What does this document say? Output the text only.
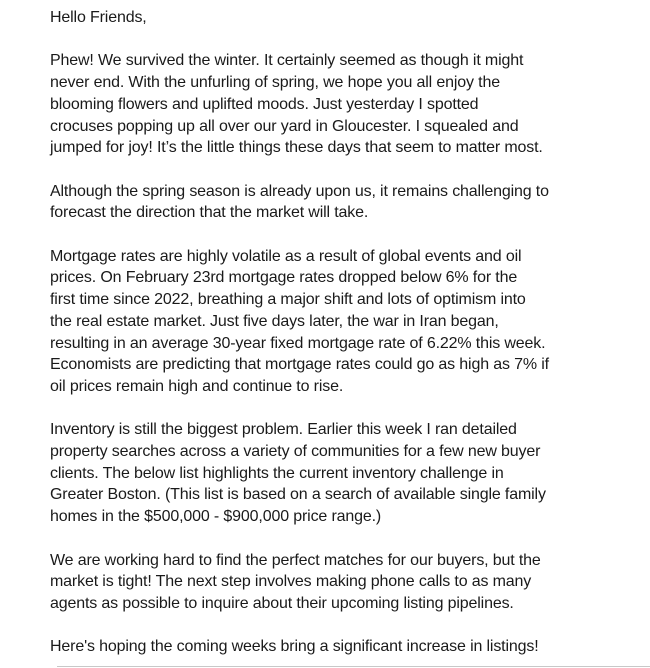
Hello Friends,
Phew! We survived the winter. It certainly seemed as though it might
never end. With the unfurling of spring, we hope you all enjoy the
blooming flowers and uplifted moods. Just yesterday I spotted
crocuses popping up all over our yard in Gloucester. I squealed and
jumped for joy! It’s the little things these days that seem to matter most.
Although the spring season is already upon us, it remains challenging to
forecast the direction that the market will take.
Mortgage rates are highly volatile as a result of global events and oil
prices. On February 23rd mortgage rates dropped below 6% for the
first time since 2022, breathing a major shift and lots of optimism into
the real estate market. Just five days later, the war in Iran began,
resulting in an average 30-year fixed mortgage rate of 6.22% this week.
Economists are predicting that mortgage rates could go as high as 7% if
oil prices remain high and continue to rise.
Inventory is still the biggest problem. Earlier this week I ran detailed
property searches across a variety of communities for a few new buyer
clients. The below list highlights the current inventory challenge in
Greater Boston. (This list is based on a search of available single family
homes in the $500,000 - $900,000 price range.)
We are working hard to find the perfect matches for our buyers, but the
market is tight! The next step involves making phone calls to as many
agents as possible to inquire about their upcoming listing pipelines.
Here's hoping the coming weeks bring a significant increase in listings!
